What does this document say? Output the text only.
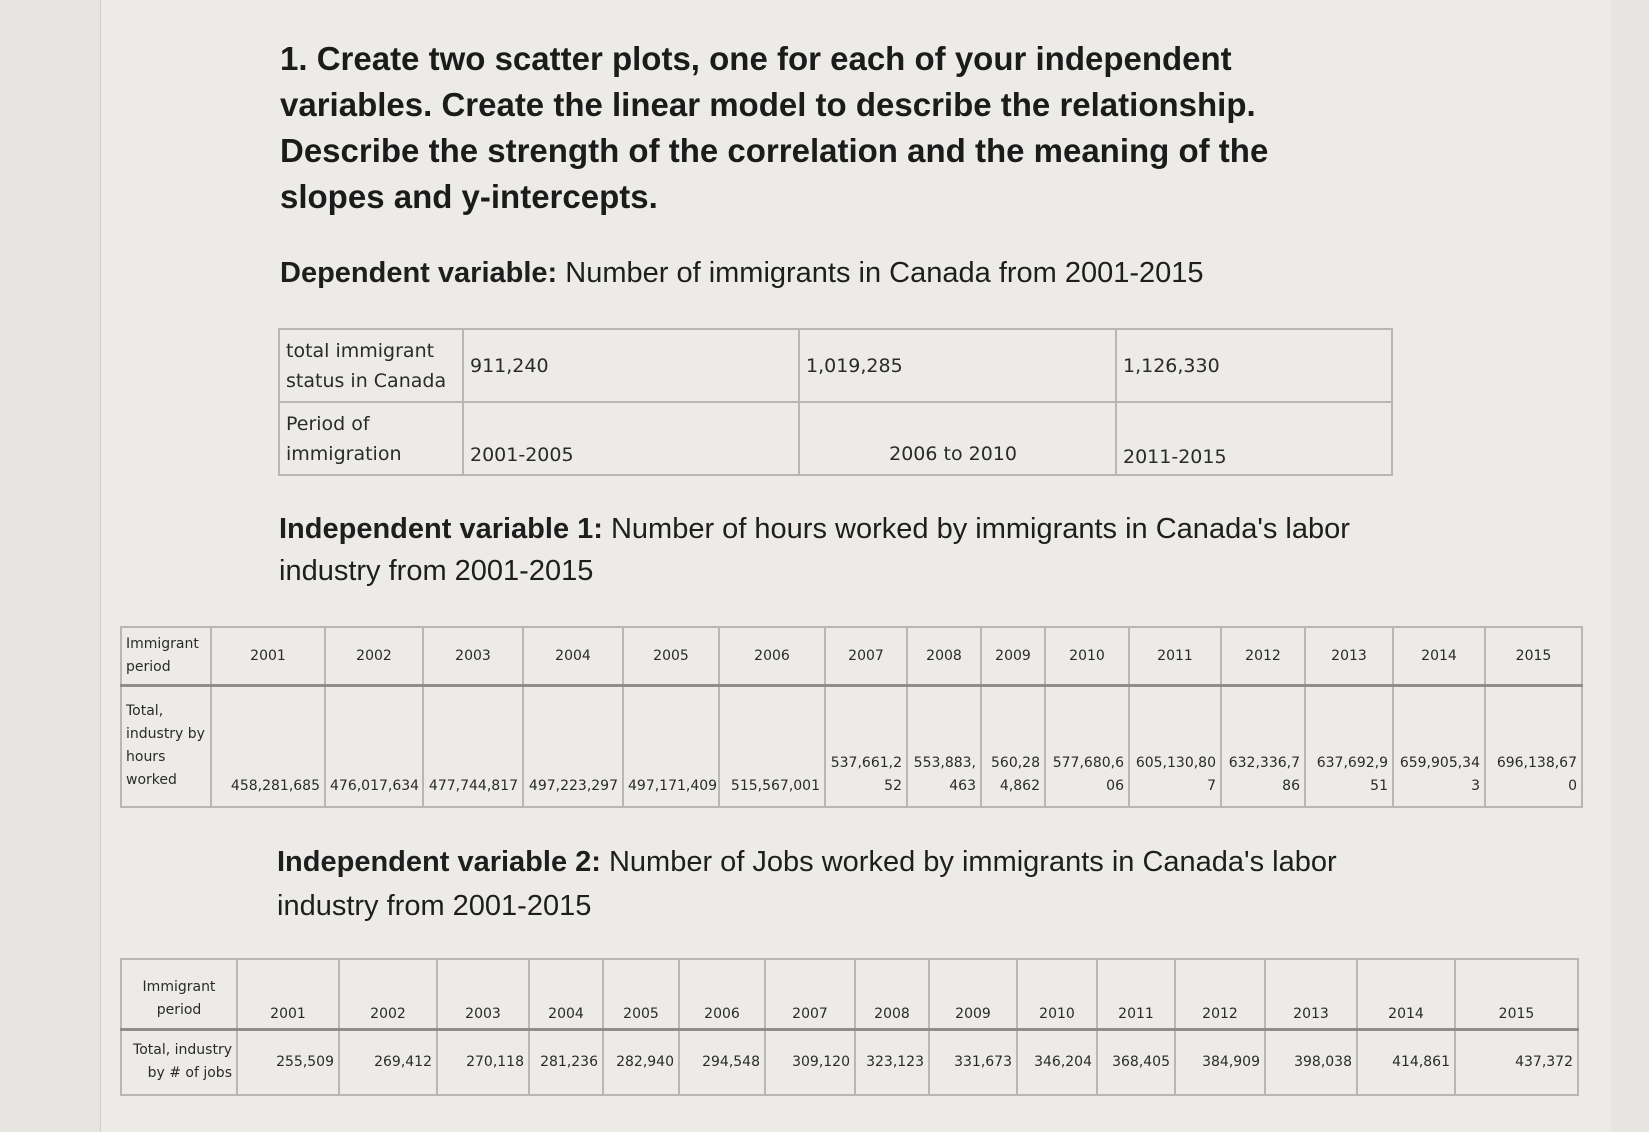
1. Create two scatter plots, one for each of your independent variables. Create the linear model to describe the relationship. Describe the strength of the correlation and the meaning of the slopes and y-intercepts.

Dependent variable: Number of immigrants in Canada from 2001-2015

total immigrant status in Canada	911,240	1,019,285	1,126,330
Period of immigration	2001-2005	2006 to 2010	2011-2015

Independent variable 1: Number of hours worked by immigrants in Canada's labor industry from 2001-2015

Immigrant period	2001	2002	2003	2004	2005	2006	2007	2008	2009	2010	2011	2012	2013	2014	2015
Total, industry by hours worked	458,281,685	476,017,634	477,744,817	497,223,297	497,171,409	515,567,001	537,661,252	553,883,463	560,284,862	577,680,606	605,130,807	632,336,786	637,692,951	659,905,343	696,138,670

Independent variable 2: Number of Jobs worked by immigrants in Canada's labor industry from 2001-2015

Immigrant period	2001	2002	2003	2004	2005	2006	2007	2008	2009	2010	2011	2012	2013	2014	2015
Total, industry by # of jobs	255,509	269,412	270,118	281,236	282,940	294,548	309,120	323,123	331,673	346,204	368,405	384,909	398,038	414,861	437,372
